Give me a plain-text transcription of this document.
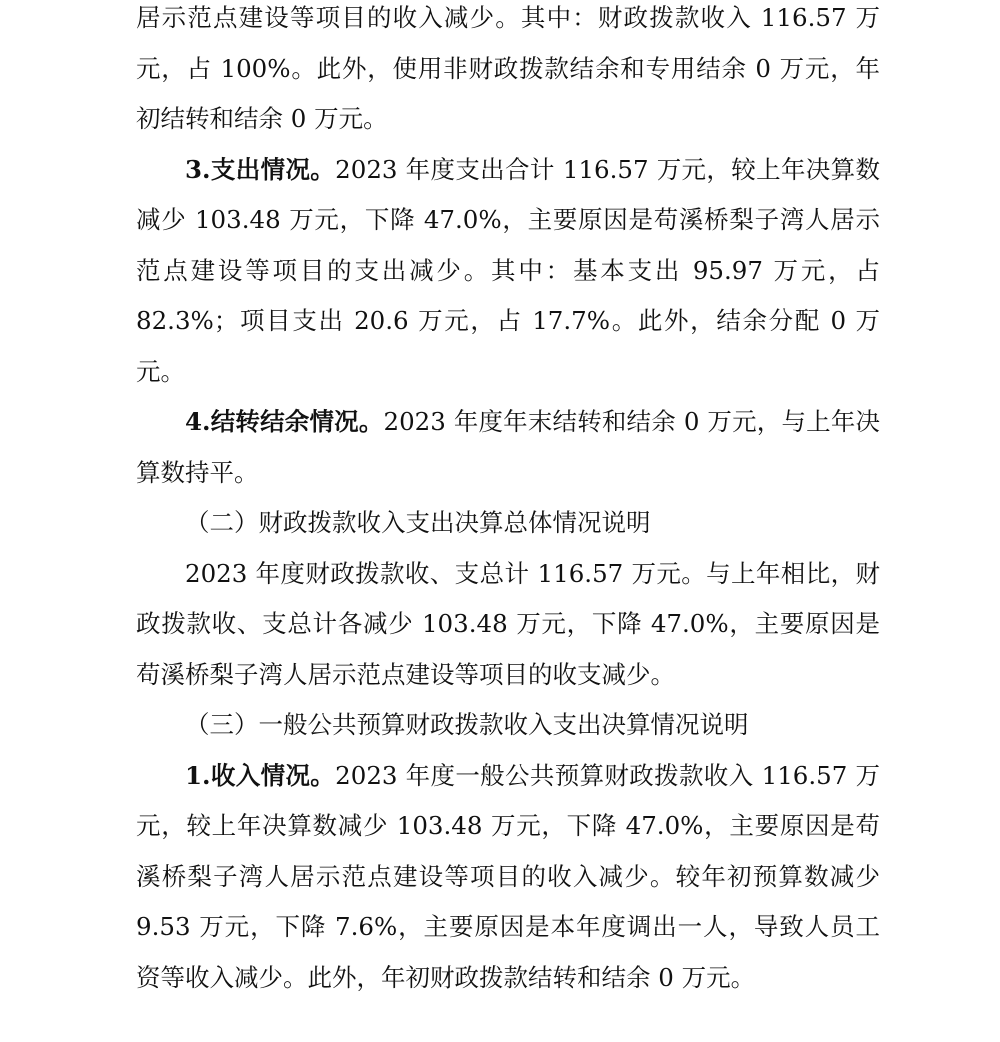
居示范点建设等项目的收入减少。其中：财政拨款收入 116.57 万元，占 100%。此外，使用非财政拨款结余和专用结余 0 万元，年初结转和结余 0 万元。

3.支出情况。2023 年度支出合计 116.57 万元，较上年决算数减少 103.48 万元，下降 47.0%，主要原因是苟溪桥梨子湾人居示范点建设等项目的支出减少。其中：基本支出 95.97 万元，占 82.3%；项目支出 20.6 万元，占 17.7%。此外，结余分配 0 万元。

4.结转结余情况。2023 年度年末结转和结余 0 万元，与上年决算数持平。

（二）财政拨款收入支出决算总体情况说明

2023 年度财政拨款收、支总计 116.57 万元。与上年相比，财政拨款收、支总计各减少 103.48 万元，下降 47.0%，主要原因是苟溪桥梨子湾人居示范点建设等项目的收支减少。

（三）一般公共预算财政拨款收入支出决算情况说明

1.收入情况。2023 年度一般公共预算财政拨款收入 116.57 万元，较上年决算数减少 103.48 万元，下降 47.0%，主要原因是苟溪桥梨子湾人居示范点建设等项目的收入减少。较年初预算数减少 9.53 万元，下降 7.6%，主要原因是本年度调出一人，导致人员工资等收入减少。此外，年初财政拨款结转和结余 0 万元。
